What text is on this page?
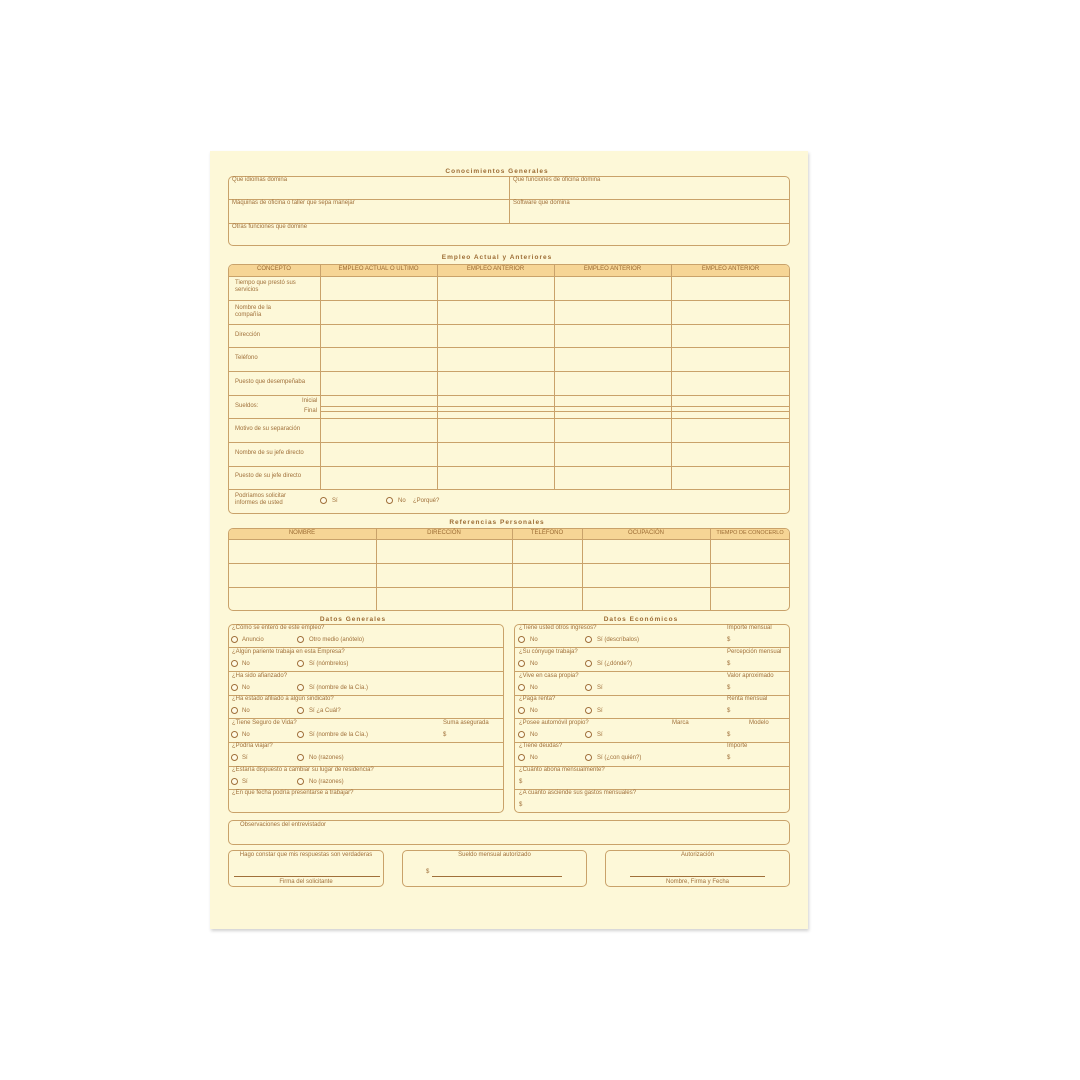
Conocimientos Generales
Que idiomas domina	Que funciones de oficina domina
Máquinas de oficina o taller que sepa manejar	Software que domina
Otras funciones que domine
Empleo Actual y Anteriores
CONCEPTO	EMPLEO ACTUAL O ULTIMO	EMPLEO ANTERIOR	EMPLEO ANTERIOR	EMPLEO ANTERIOR
Tiempo que prestó sus servicios
Nombre de la compañía
Dirección
Teléfono
Puesto que desempeñaba
Sueldos:
Inicial
Final
Motivo de su separación
Nombre de su jefe directo
Puesto de su jefe directo
Podríamos solicitar informes de usted	Sí	No ¿Porqué?
Referencias Personales
NOMBRE	DIRECCIÓN	TELÉFONO	OCUPACIÓN	TIEMPO DE CONOCERLO
Datos Generales
¿Cómo se enteró de este empleo?
Anuncio	Otro medio (anótelo)
¿Algún pariente trabaja en esta Empresa?
No	Sí (nómbrelos)
¿Ha sido afianzado?
No	Sí (nombre de la Cía.)
¿Ha estado afiliado a algún sindicato?
No	Sí ¿a Cuál?
¿Tiene Seguro de Vida?
No	Sí (nombre de la Cía.)
Suma asegurada
$
¿Podría viajar?
Sí	No (razones)
¿Estaría dispuesto a cambiar su lugar de residencia?
Sí	No (razones)
¿En que fecha podría presentarse a trabajar?
Datos Económicos
¿Tiene usted otros ingresos?
No	Sí (descríbalos)
Importe mensual
$
¿Su cónyuge trabaja?
No	Sí (¿dónde?)
Percepción mensual
$
¿Vive en casa propia?
No	Sí
Valor aproximado
$
¿Paga renta?
No	Sí
Renta mensual
$
¿Posee automóvil propio?
No	Sí
Marca	Modelo
$
¿Tiene deudas?
No	Sí (¿con quién?)
Importe
$
¿Cuánto abona mensualmente?
$
¿A cuanto asciende sus gastos mensuales?
$
Observaciones del entrevistador
Hago constar que mis respuestas son verdaderas
Firma del solicitante
Sueldo mensual autorizado
$
Autorización
Nombre, Firma y Fecha
